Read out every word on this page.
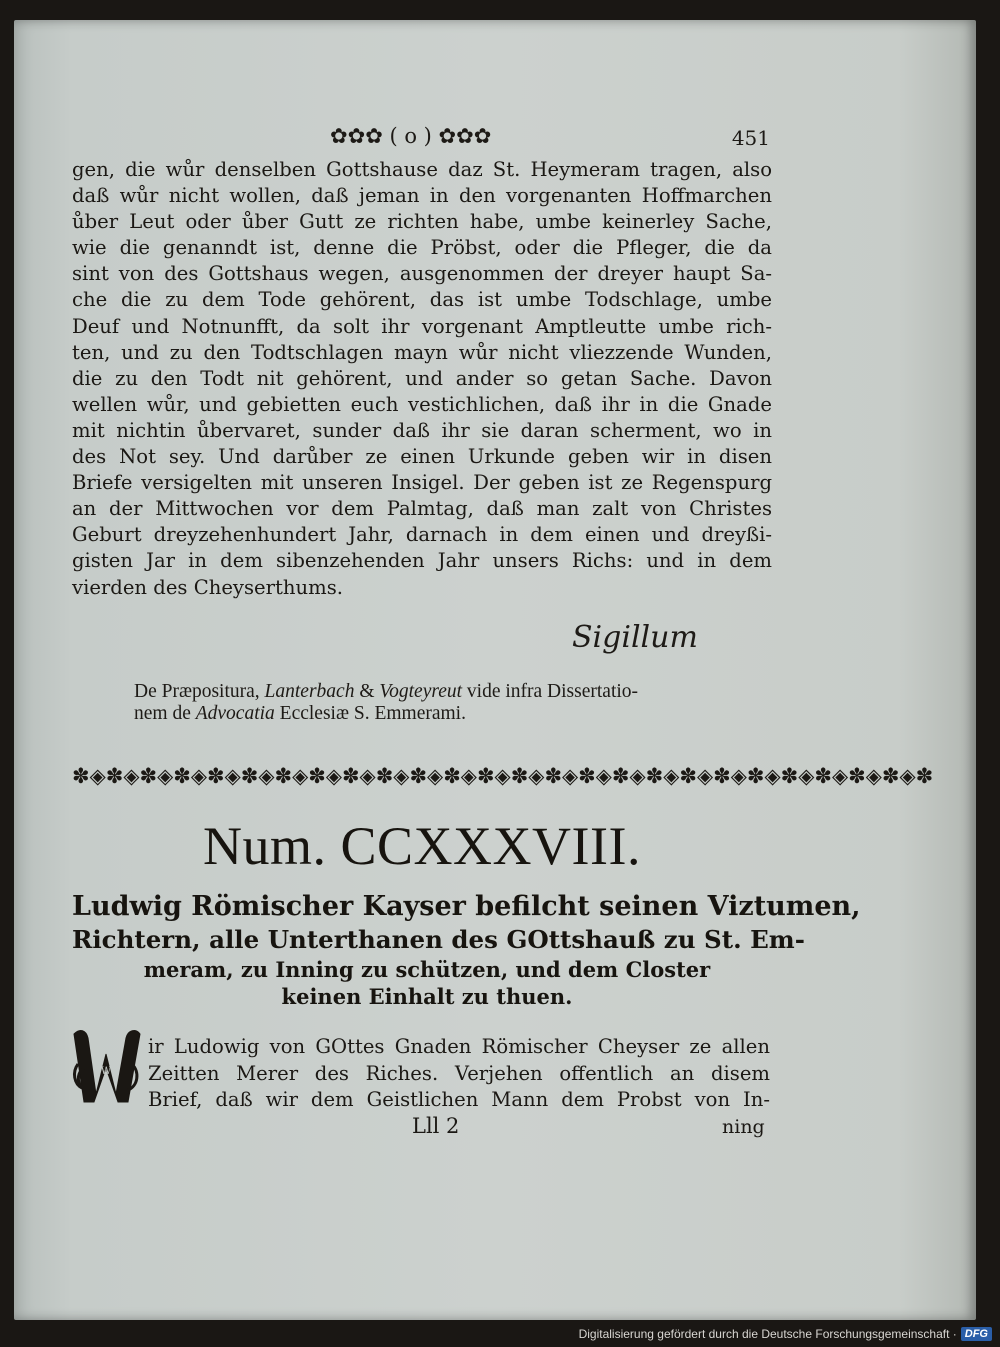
✿✿✿ ( o ) ✿✿✿	451
gen, die wůr denselben Gottshause daz St. Heymeram tragen, also
daß wůr nicht wollen, daß jeman in den vorgenanten Hoffmarchen
ůber Leut oder ůber Gutt ze richten habe, umbe keinerley Sache,
wie die genanndt ist, denne die Pröbst, oder die Pfleger, die da
sint von des Gottshaus wegen, ausgenommen der dreyer haupt Sa-
che die zu dem Tode gehörent, das ist umbe Todschlage, umbe
Deuf und Notnunfft, da solt ihr vorgenant Amptleutte umbe rich-
ten, und zu den Todtschlagen mayn wůr nicht vliezzende Wunden,
die zu den Todt nit gehörent, und ander so getan Sache. Davon
wellen wůr, und gebietten euch vestichlichen, daß ihr in die Gnade
mit nichtin ůbervaret, sunder daß ihr sie daran scherment, wo in
des Not sey. Und darůber ze einen Urkunde geben wir in disen
Briefe versigelten mit unseren Insigel. Der geben ist ze Regenspurg
an der Mittwochen vor dem Palmtag, daß man zalt von Christes
Geburt dreyzehenhundert Jahr, darnach in dem einen und dreyßi-
gisten Jar in dem sibenzehenden Jahr unsers Richs: und in dem
vierden des Cheyserthums.
Sigillum
De Præpositura, Lanterbach & Vogteyreut vide infra Dissertatio-
nem de Advocatia Ecclesiæ S. Emmerami.
✽◈✽◈✽◈✽◈✽◈✽◈✽◈✽◈✽◈✽◈✽◈✽◈✽◈✽◈✽◈✽◈✽◈✽◈✽◈✽◈✽◈✽◈✽◈✽◈✽◈✽
Num. CCXXXVIII.
Ludwig Römischer Kayser befilcht seinen Viztumen,
Richtern, alle Unterthanen des GOttshauß zu St. Em-
meram, zu Inning zu schützen, und dem Closter
keinen Einhalt zu thuen.
W
ir Ludowig von GOttes Gnaden Römischer Cheyser ze allen
Zeitten Merer des Riches. Verjehen offentlich an disem
Brief, daß wir dem Geistlichen Mann dem Probst von In-
Lll 2	ning
Digitalisierung gefördert durch die Deutsche Forschungsgemeinschaft · DFG
